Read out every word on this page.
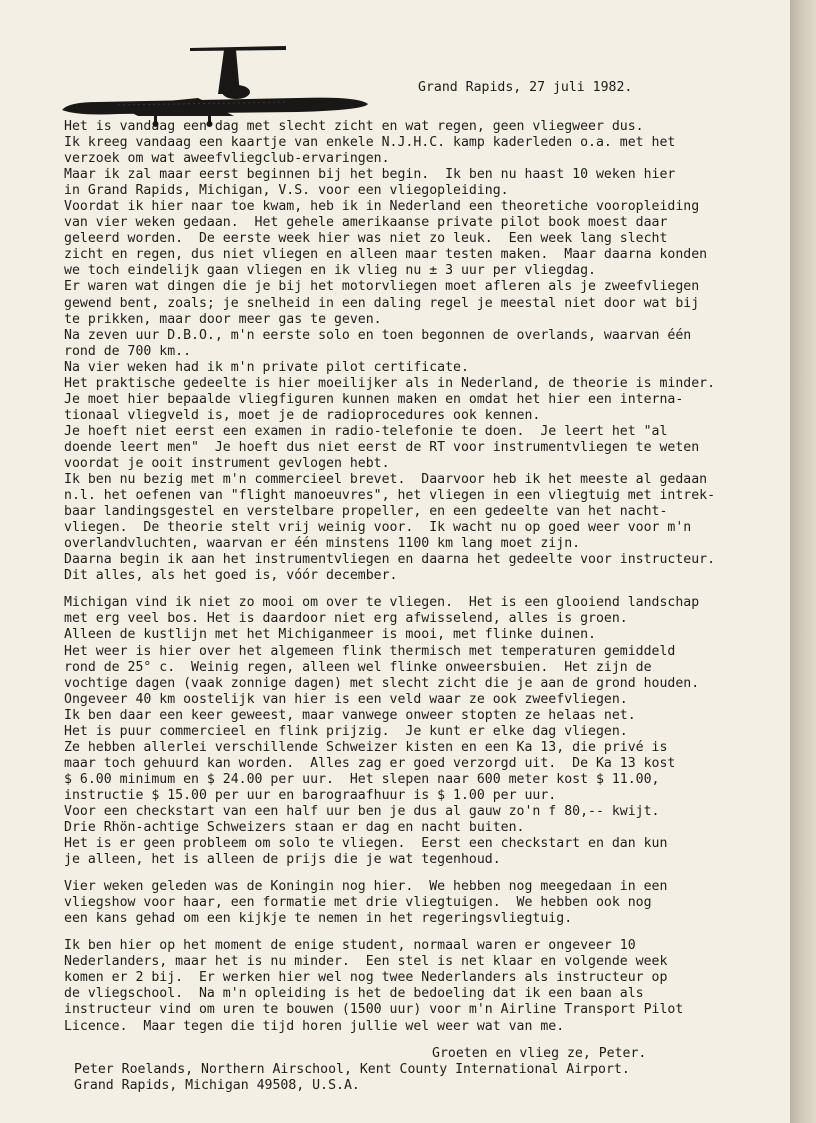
Grand Rapids, 27 juli 1982.
Het is vandaag een dag met slecht zicht en wat regen, geen vliegweer dus.
Ik kreeg vandaag een kaartje van enkele N.J.H.C. kamp kaderleden o.a. met het
verzoek om wat aweefvliegclub-ervaringen.
Maar ik zal maar eerst beginnen bij het begin.  Ik ben nu haast 10 weken hier
in Grand Rapids, Michigan, V.S. voor een vliegopleiding.
Voordat ik hier naar toe kwam, heb ik in Nederland een theoretiche vooropleiding
van vier weken gedaan.  Het gehele amerikaanse private pilot book moest daar
geleerd worden.  De eerste week hier was niet zo leuk.  Een week lang slecht
zicht en regen, dus niet vliegen en alleen maar testen maken.  Maar daarna konden
we toch eindelijk gaan vliegen en ik vlieg nu ± 3 uur per vliegdag.
Er waren wat dingen die je bij het motorvliegen moet afleren als je zweefvliegen
gewend bent, zoals; je snelheid in een daling regel je meestal niet door wat bij
te prikken, maar door meer gas te geven.
Na zeven uur D.B.O., m'n eerste solo en toen begonnen de overlands, waarvan één
rond de 700 km..
Na vier weken had ik m'n private pilot certificate.
Het praktische gedeelte is hier moeilijker als in Nederland, de theorie is minder.
Je moet hier bepaalde vliegfiguren kunnen maken en omdat het hier een interna-
tionaal vliegveld is, moet je de radioprocedures ook kennen.
Je hoeft niet eerst een examen in radio-telefonie te doen.  Je leert het "al
doende leert men"  Je hoeft dus niet eerst de RT voor instrumentvliegen te weten
voordat je ooit instrument gevlogen hebt.
Ik ben nu bezig met m'n commercieel brevet.  Daarvoor heb ik het meeste al gedaan
n.l. het oefenen van "flight manoeuvres", het vliegen in een vliegtuig met intrek-
baar landingsgestel en verstelbare propeller, en een gedeelte van het nacht-
vliegen.  De theorie stelt vrij weinig voor.  Ik wacht nu op goed weer voor m'n
overlandvluchten, waarvan er één minstens 1100 km lang moet zijn.
Daarna begin ik aan het instrumentvliegen en daarna het gedeelte voor instructeur.
Dit alles, als het goed is, vóór december.
Michigan vind ik niet zo mooi om over te vliegen.  Het is een glooiend landschap
met erg veel bos. Het is daardoor niet erg afwisselend, alles is groen.
Alleen de kustlijn met het Michiganmeer is mooi, met flinke duinen.
Het weer is hier over het algemeen flink thermisch met temperaturen gemiddeld
rond de 25° c.  Weinig regen, alleen wel flinke onweersbuien.  Het zijn de
vochtige dagen (vaak zonnige dagen) met slecht zicht die je aan de grond houden.
Ongeveer 40 km oostelijk van hier is een veld waar ze ook zweefvliegen.
Ik ben daar een keer geweest, maar vanwege onweer stopten ze helaas net.
Het is puur commercieel en flink prijzig.  Je kunt er elke dag vliegen.
Ze hebben allerlei verschillende Schweizer kisten en een Ka 13, die privé is
maar toch gehuurd kan worden.  Alles zag er goed verzorgd uit.  De Ka 13 kost
$ 6.00 minimum en $ 24.00 per uur.  Het slepen naar 600 meter kost $ 11.00,
instructie $ 15.00 per uur en barograafhuur is $ 1.00 per uur.
Voor een checkstart van een half uur ben je dus al gauw zo'n f 80,-- kwijt.
Drie Rhön-achtige Schweizers staan er dag en nacht buiten.
Het is er geen probleem om solo te vliegen.  Eerst een checkstart en dan kun
je alleen, het is alleen de prijs die je wat tegenhoud.
Vier weken geleden was de Koningin nog hier.  We hebben nog meegedaan in een
vliegshow voor haar, een formatie met drie vliegtuigen.  We hebben ook nog
een kans gehad om een kijkje te nemen in het regeringsvliegtuig.
Ik ben hier op het moment de enige student, normaal waren er ongeveer 10
Nederlanders, maar het is nu minder.  Een stel is net klaar en volgende week
komen er 2 bij.  Er werken hier wel nog twee Nederlanders als instructeur op
de vliegschool.  Na m'n opleiding is het de bedoeling dat ik een baan als
instructeur vind om uren te bouwen (1500 uur) voor m'n Airline Transport Pilot
Licence.  Maar tegen die tijd horen jullie wel weer wat van me.
Groeten en vlieg ze, Peter.
Peter Roelands, Northern Airschool, Kent County International Airport.
Grand Rapids, Michigan 49508, U.S.A.
